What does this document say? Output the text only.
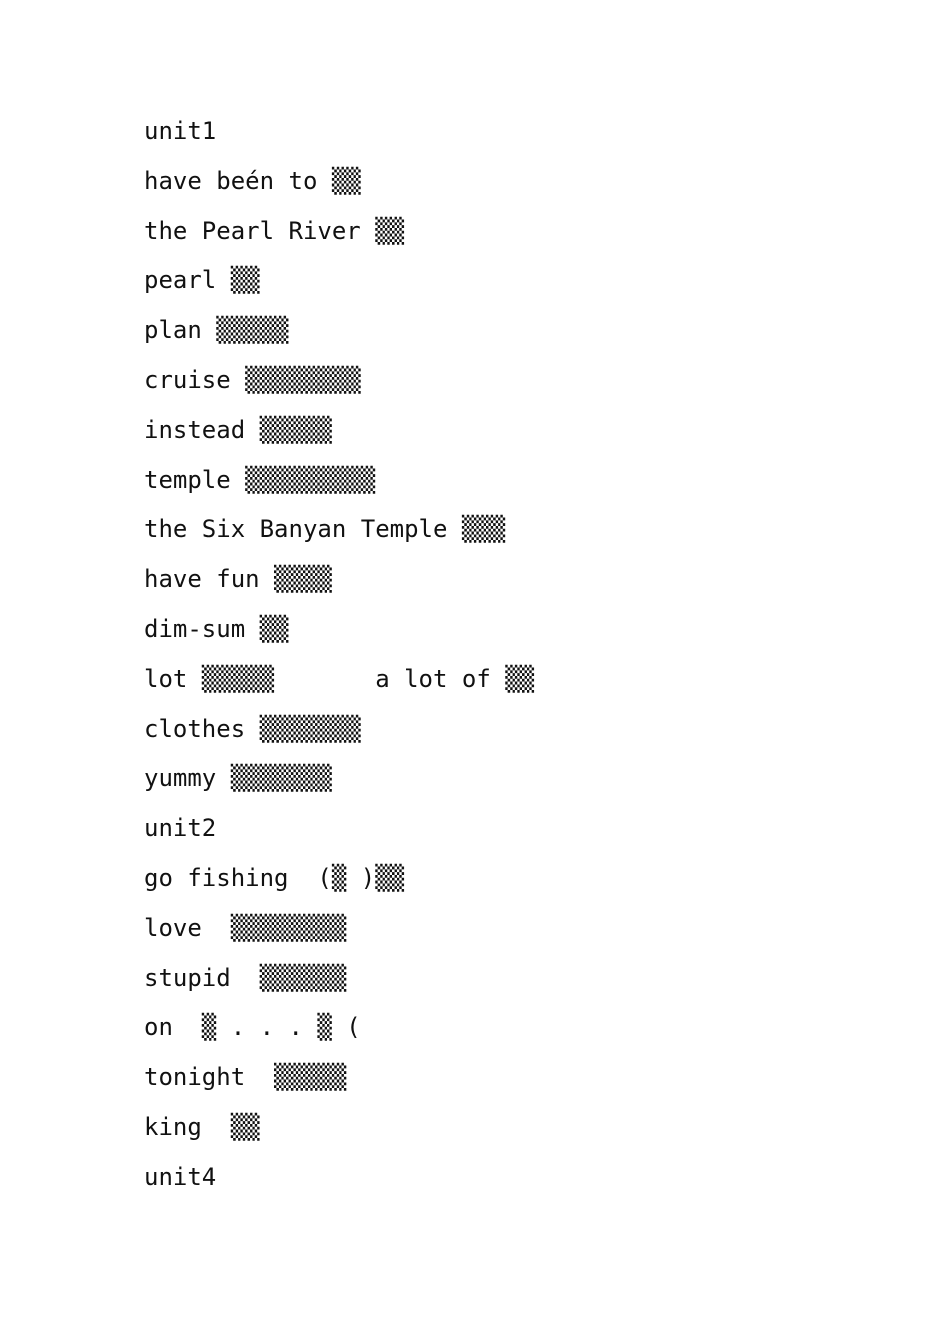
unit1
have beén to ▒▒
the Pearl River ▒▒
pearl ▒▒
plan ▒▒▒▒▒
cruise ▒▒▒▒▒▒▒▒
instead ▒▒▒▒▒
temple ▒▒▒▒▒▒▒▒▒
the Six Banyan Temple ▒▒▒
have fun ▒▒▒▒
dim-sum ▒▒
lot ▒▒▒▒▒       a lot of ▒▒
clothes ▒▒▒▒▒▒▒
yummy ▒▒▒▒▒▒▒
unit2
go fishing  (▒ )▒▒
love  ▒▒▒▒▒▒▒▒
stupid  ▒▒▒▒▒▒
on  ▒ . . . ▒ (
tonight  ▒▒▒▒▒
king  ▒▒
unit4
